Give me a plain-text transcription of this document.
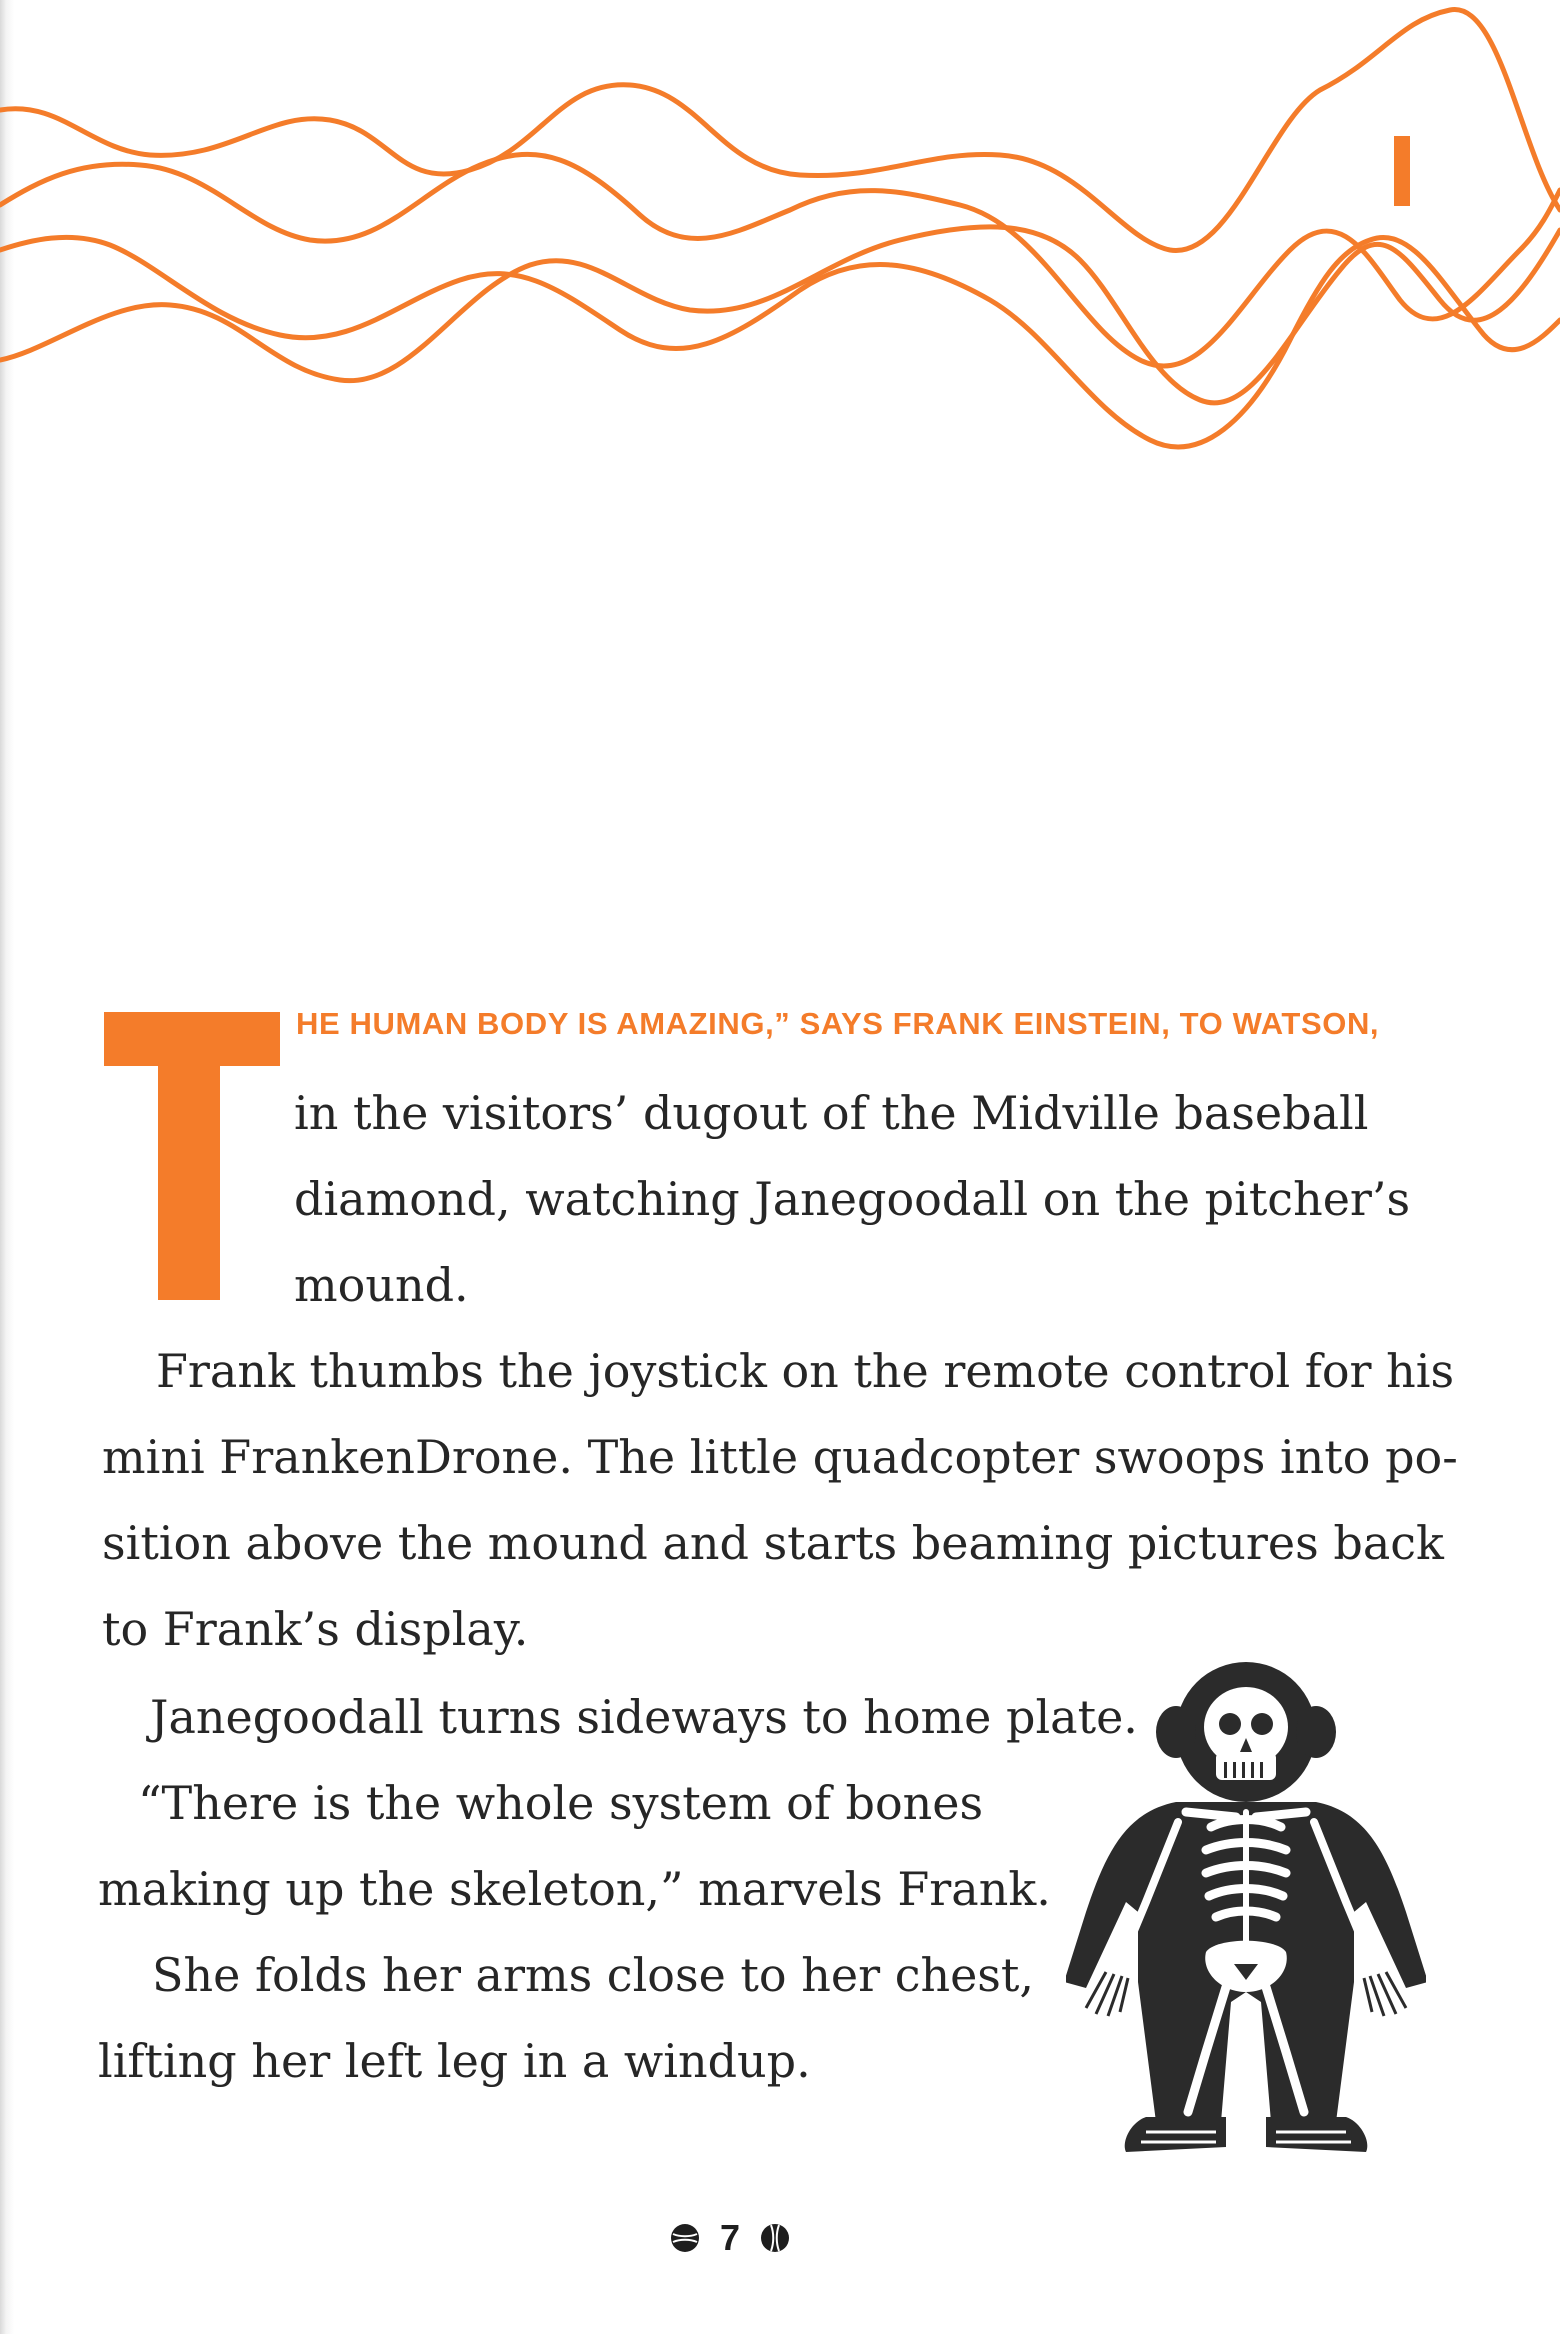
HE HUMAN BODY IS AMAZING,” SAYS FRANK EINSTEIN, TO WATSON,
in the visitors’ dugout of the Midville baseball
diamond, watching Janegoodall on the pitcher’s
mound.
Frank thumbs the joystick on the remote control for his
mini FrankenDrone. The little quadcopter swoops into po-
sition above the mound and starts beaming pictures back
to Frank’s display.
Janegoodall turns sideways to home plate.
“There is the whole system of bones
making up the skeleton,” marvels Frank.
She folds her arms close to her chest,
lifting her left leg in a windup.
7
